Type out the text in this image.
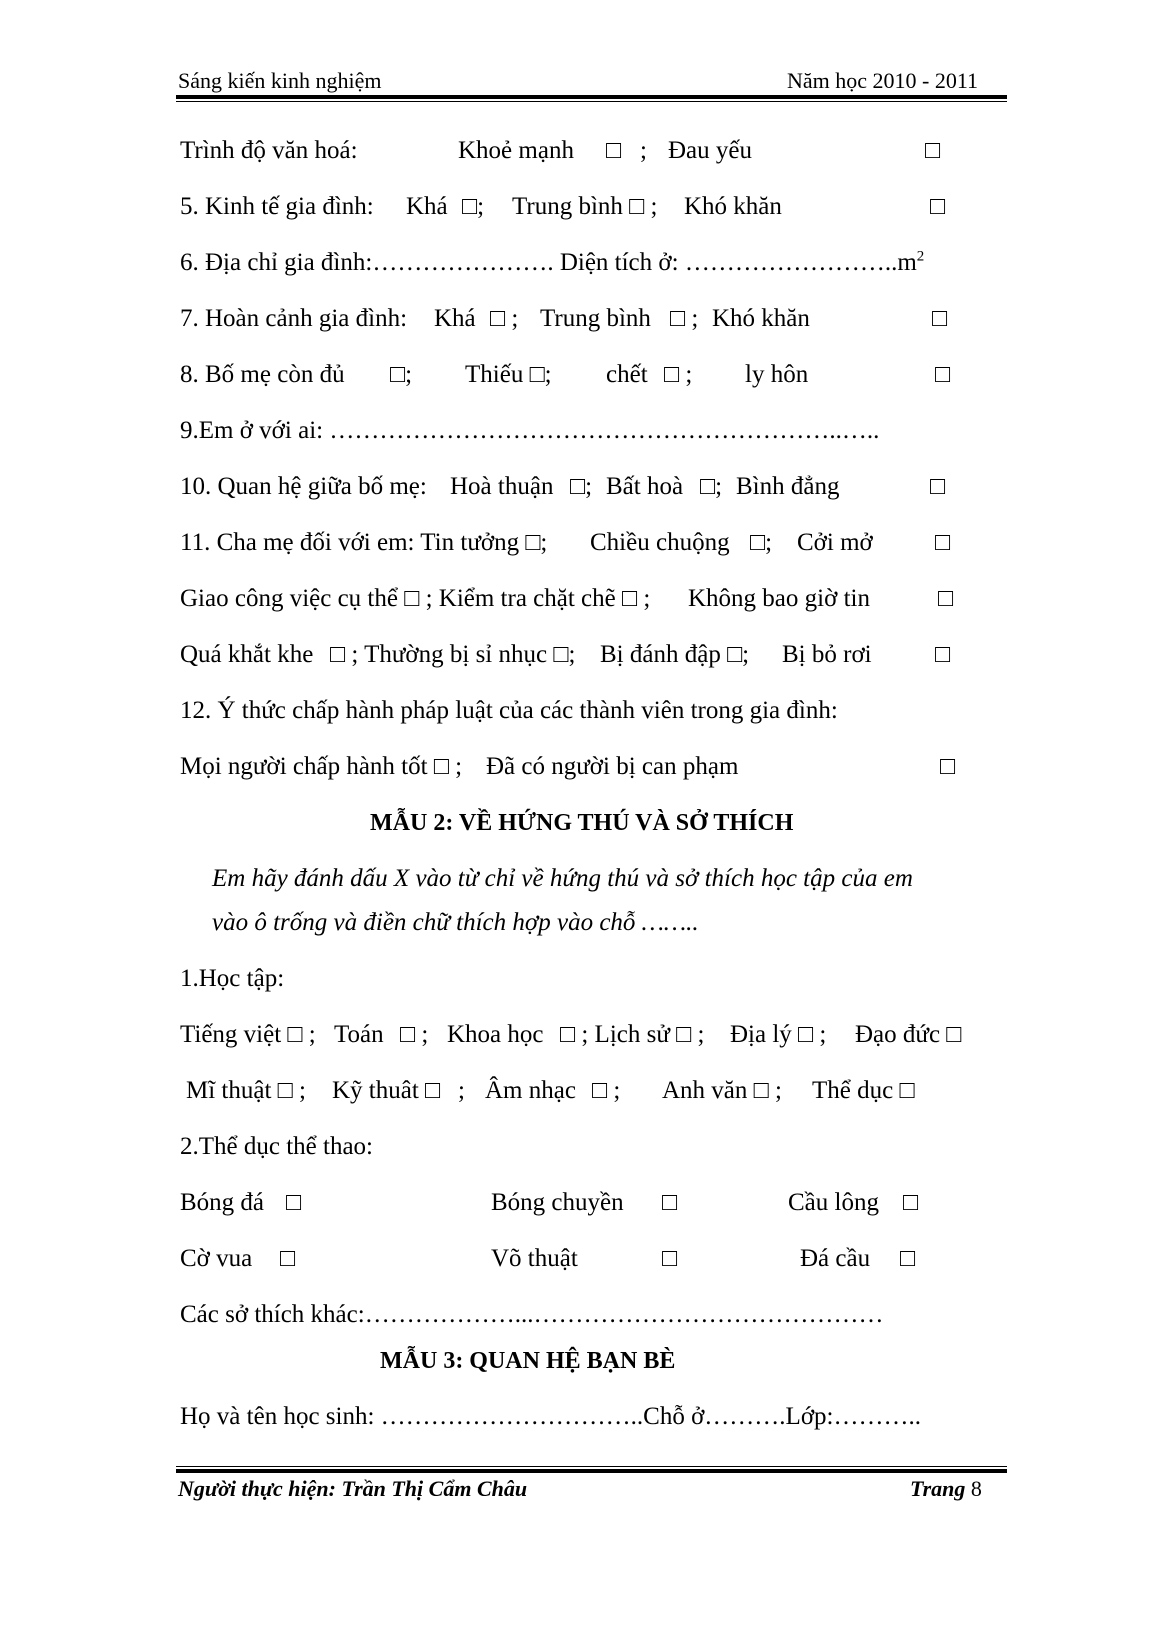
Sáng kiến kinh nghiệm	Năm học 2010 - 2011
Trình độ văn hoá:	Khoẻ mạnh □ ; Đau yếu	□
5. Kinh tế gia đình: Khá □; Trung bình □ ; Khó khăn	□
6. Địa chỉ gia đình:…………………. Diện tích ở: $\dots\dots\dots\dots\dots\dots\dots\dots..m^2$
7. Hoàn cảnh gia đình: Khá □ ; Trung bình □ ; Khó khăn	□
8. Bố mẹ còn đủ □; Thiếu □; chết □ ; ly hôn	□
9.Em ở với ai: ……………………………………………………..…..
10. Quan hệ giữa bố mẹ: Hoà thuận □; Bất hoà □; Bình đẳng	□
11. Cha mẹ đối với em: Tin tưởng □; Chiều chuộng □; Cởi mở □
Giao công việc cụ thể □ ; Kiểm tra chặt chẽ □ ; Không bao giờ tin	□
Quá khắt khe □ ; Thường bị sỉ nhục □; Bị đánh đập □; Bị bỏ rơi	□
12. Ý thức chấp hành pháp luật của các thành viên trong gia đình:
Mọi người chấp hành tốt □ ; Đã có người bị can phạm	□
MẪU 2: VỀ HỨNG THÚ VÀ SỞ THÍCH
Em hãy đánh dấu X vào từ chỉ về hứng thú và sở thích học tập của em
vào ô trống và điền chữ thích hợp vào chỗ ……..
1.Học tập:
Tiếng việt □ ; Toán □ ; Khoa học □ ; Lịch sử □ ; Địa lý □ ; Đạo đức □
Mĩ thuật □ ; Kỹ thuât □ ; Âm nhạc □ ; Anh văn □ ; Thể dục □
2.Thể dục thể thao:
Bóng đá □	Bóng chuyền □	Cầu lông □
Cờ vua □	Võ thuật	□	Đá cầu □
Các sở thích khác:………………...……………………………………
MẪU 3: QUAN HỆ BẠN BÈ
Họ và tên học sinh: …………………………..Chỗ ở……….Lớp:………..
Người thực hiện: Trần Thị Cẩm Châu	Trang 8
